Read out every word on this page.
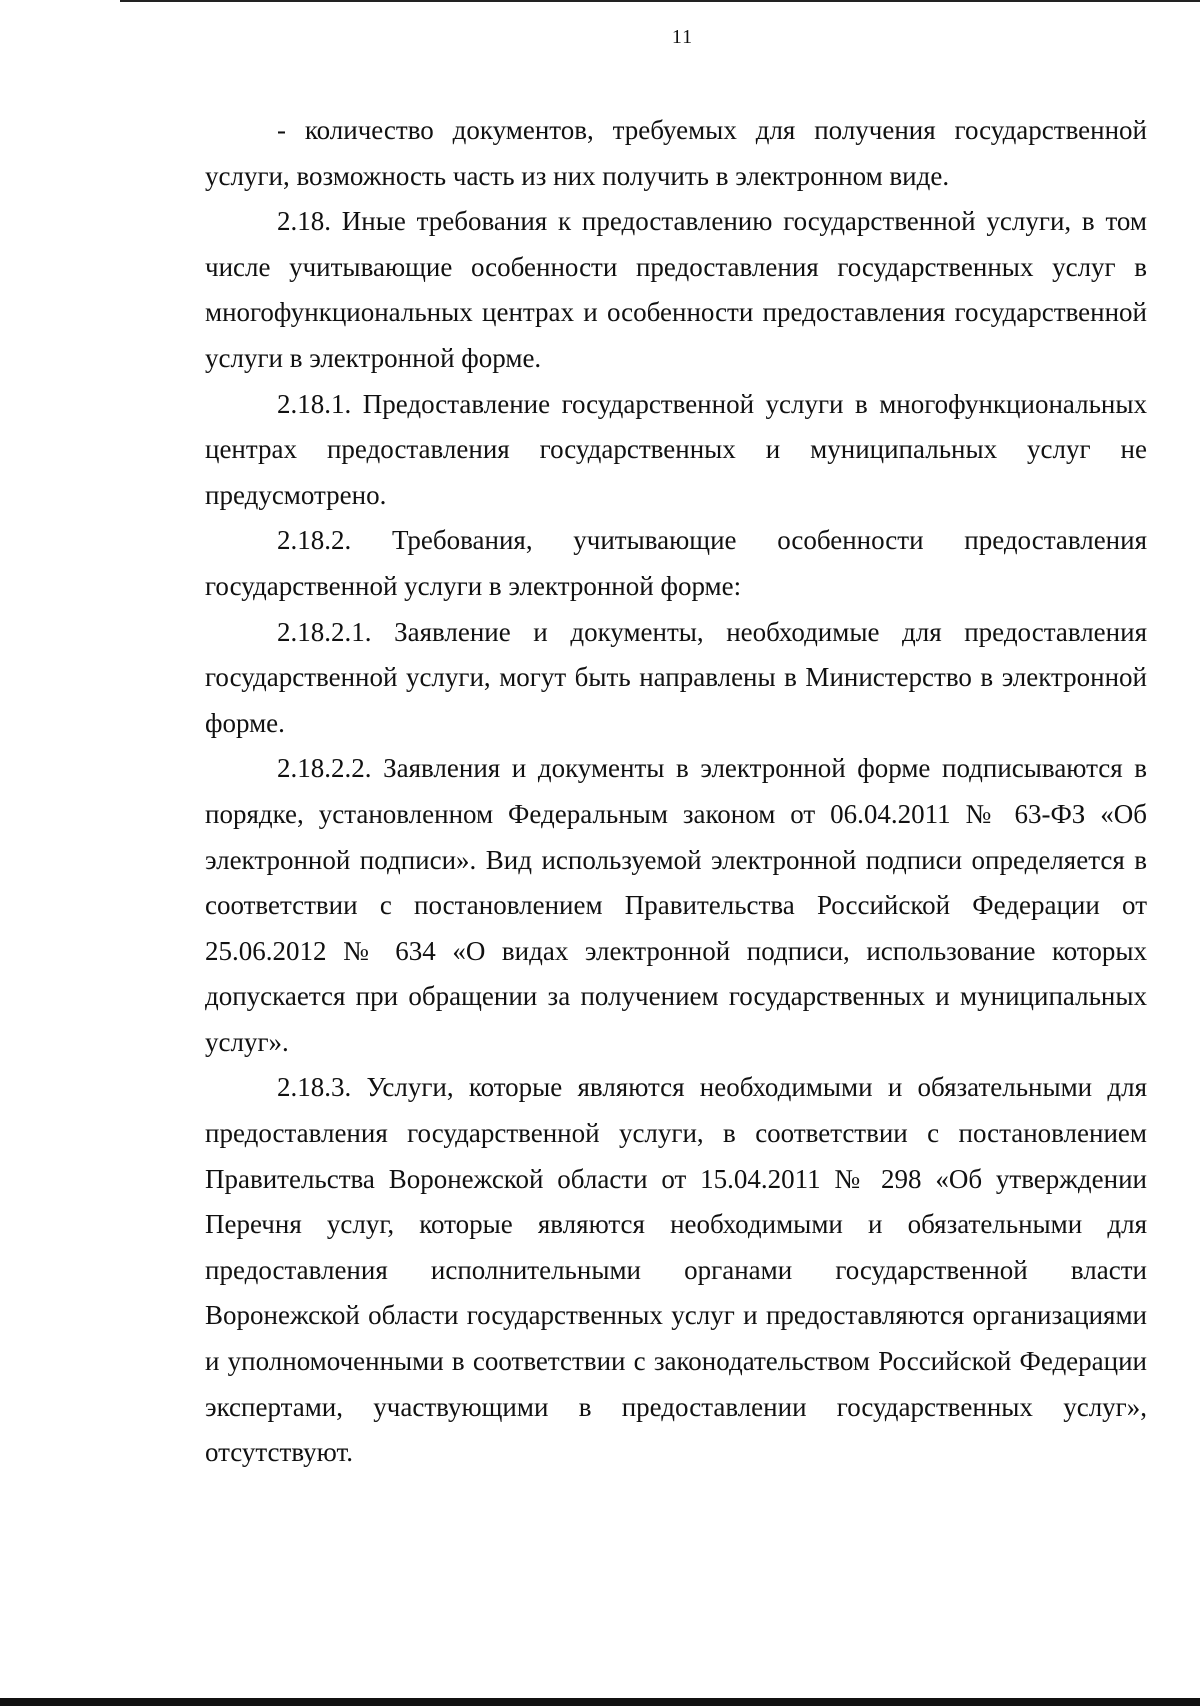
11

- количество документов, требуемых для получения государственной услуги, возможность часть из них получить в электронном виде.

2.18. Иные требования к предоставлению государственной услуги, в том числе учитывающие особенности предоставления государственных услуг в многофункциональных центрах и особенности предоставления государственной услуги в электронной форме.

2.18.1. Предоставление государственной услуги в многофункциональных центрах предоставления государственных и муниципальных услуг не предусмотрено.

2.18.2. Требования, учитывающие особенности предоставления государственной услуги в электронной форме:

2.18.2.1. Заявление и документы, необходимые для предоставления государственной услуги, могут быть направлены в Министерство в электронной форме.

2.18.2.2. Заявления и документы в электронной форме подписываются в порядке, установленном Федеральным законом от 06.04.2011 № 63-ФЗ «Об электронной подписи». Вид используемой электронной подписи определяется в соответствии с постановлением Правительства Российской Федерации от 25.06.2012 № 634 «О видах электронной подписи, использование которых допускается при обращении за получением государственных и муниципальных услуг».

2.18.3. Услуги, которые являются необходимыми и обязательными для предоставления государственной услуги, в соответствии с постановлением Правительства Воронежской области от 15.04.2011 № 298 «Об утверждении Перечня услуг, которые являются необходимыми и обязательными для предоставления исполнительными органами государственной власти Воронежской области государственных услуг и предоставляются организациями и уполномоченными в соответствии с законодательством Российской Федерации экспертами, участвующими в предоставлении государственных услуг», отсутствуют.
